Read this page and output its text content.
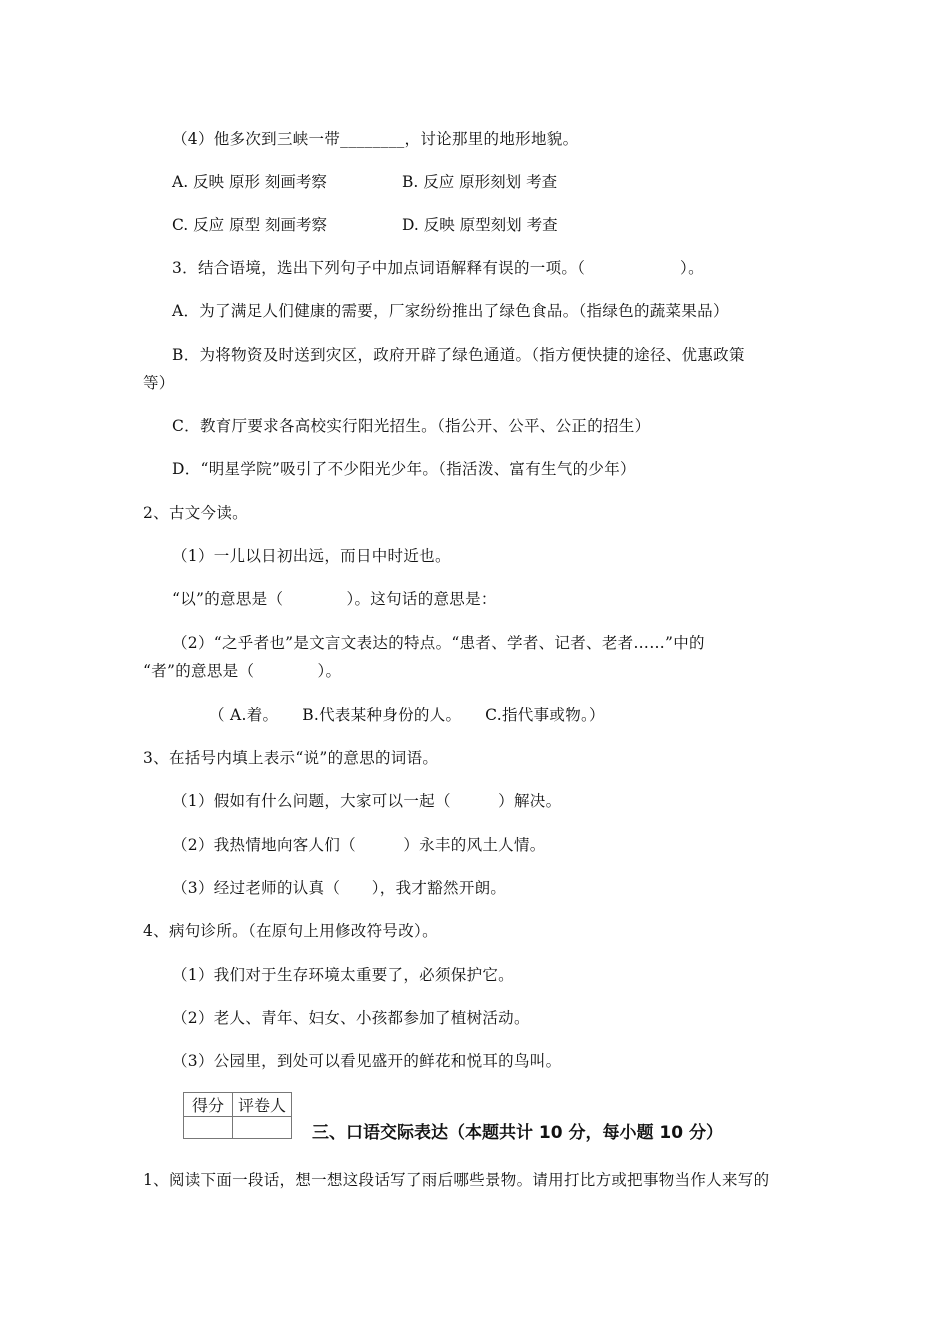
（4）他多次到三峡一带________，讨论那里的地形地貌。
A. 反映 原形 刻画考察	B. 反应 原形刻划 考查
C. 反应 原型 刻画考察	D. 反映 原型刻划 考查
3．结合语境，选出下列句子中加点词语解释有误的一项。（　　　　　　）。
A．为了满足人们健康的需要，厂家纷纷推出了绿色食品。（指绿色的蔬菜果品）
B．为将物资及时送到灾区，政府开辟了绿色通道。（指方便快捷的途径、优惠政策
等）
C．教育厅要求各高校实行阳光招生。（指公开、公平、公正的招生）
D．“明星学院”吸引了不少阳光少年。（指活泼、富有生气的少年）
2、古文今读。
（1）一儿以日初出远，而日中时近也。
“以”的意思是（　　　　）。这句话的意思是：
（2）“之乎者也”是文言文表达的特点。“患者、学者、记者、老者……”中的
“者”的意思是（　　　　）。
（ A.着。　　B.代表某种身份的人。　　C.指代事或物。）
3、在括号内填上表示“说”的意思的词语。
（1）假如有什么问题，大家可以一起（　　　）解决。
（2）我热情地向客人们（　　　）永丰的风土人情。
（3）经过老师的认真（　　），我才豁然开朗。
4、病句诊所。（在原句上用修改符号改）。
（1）我们对于生存环境太重要了，必须保护它。
（2）老人、青年、妇女、小孩都参加了植树活动。
（3）公园里，到处可以看见盛开的鲜花和悦耳的鸟叫。
得分	评卷人

三、口语交际表达（本题共计 10 分，每小题 10 分）
1、阅读下面一段话，想一想这段话写了雨后哪些景物。请用打比方或把事物当作人来写的
